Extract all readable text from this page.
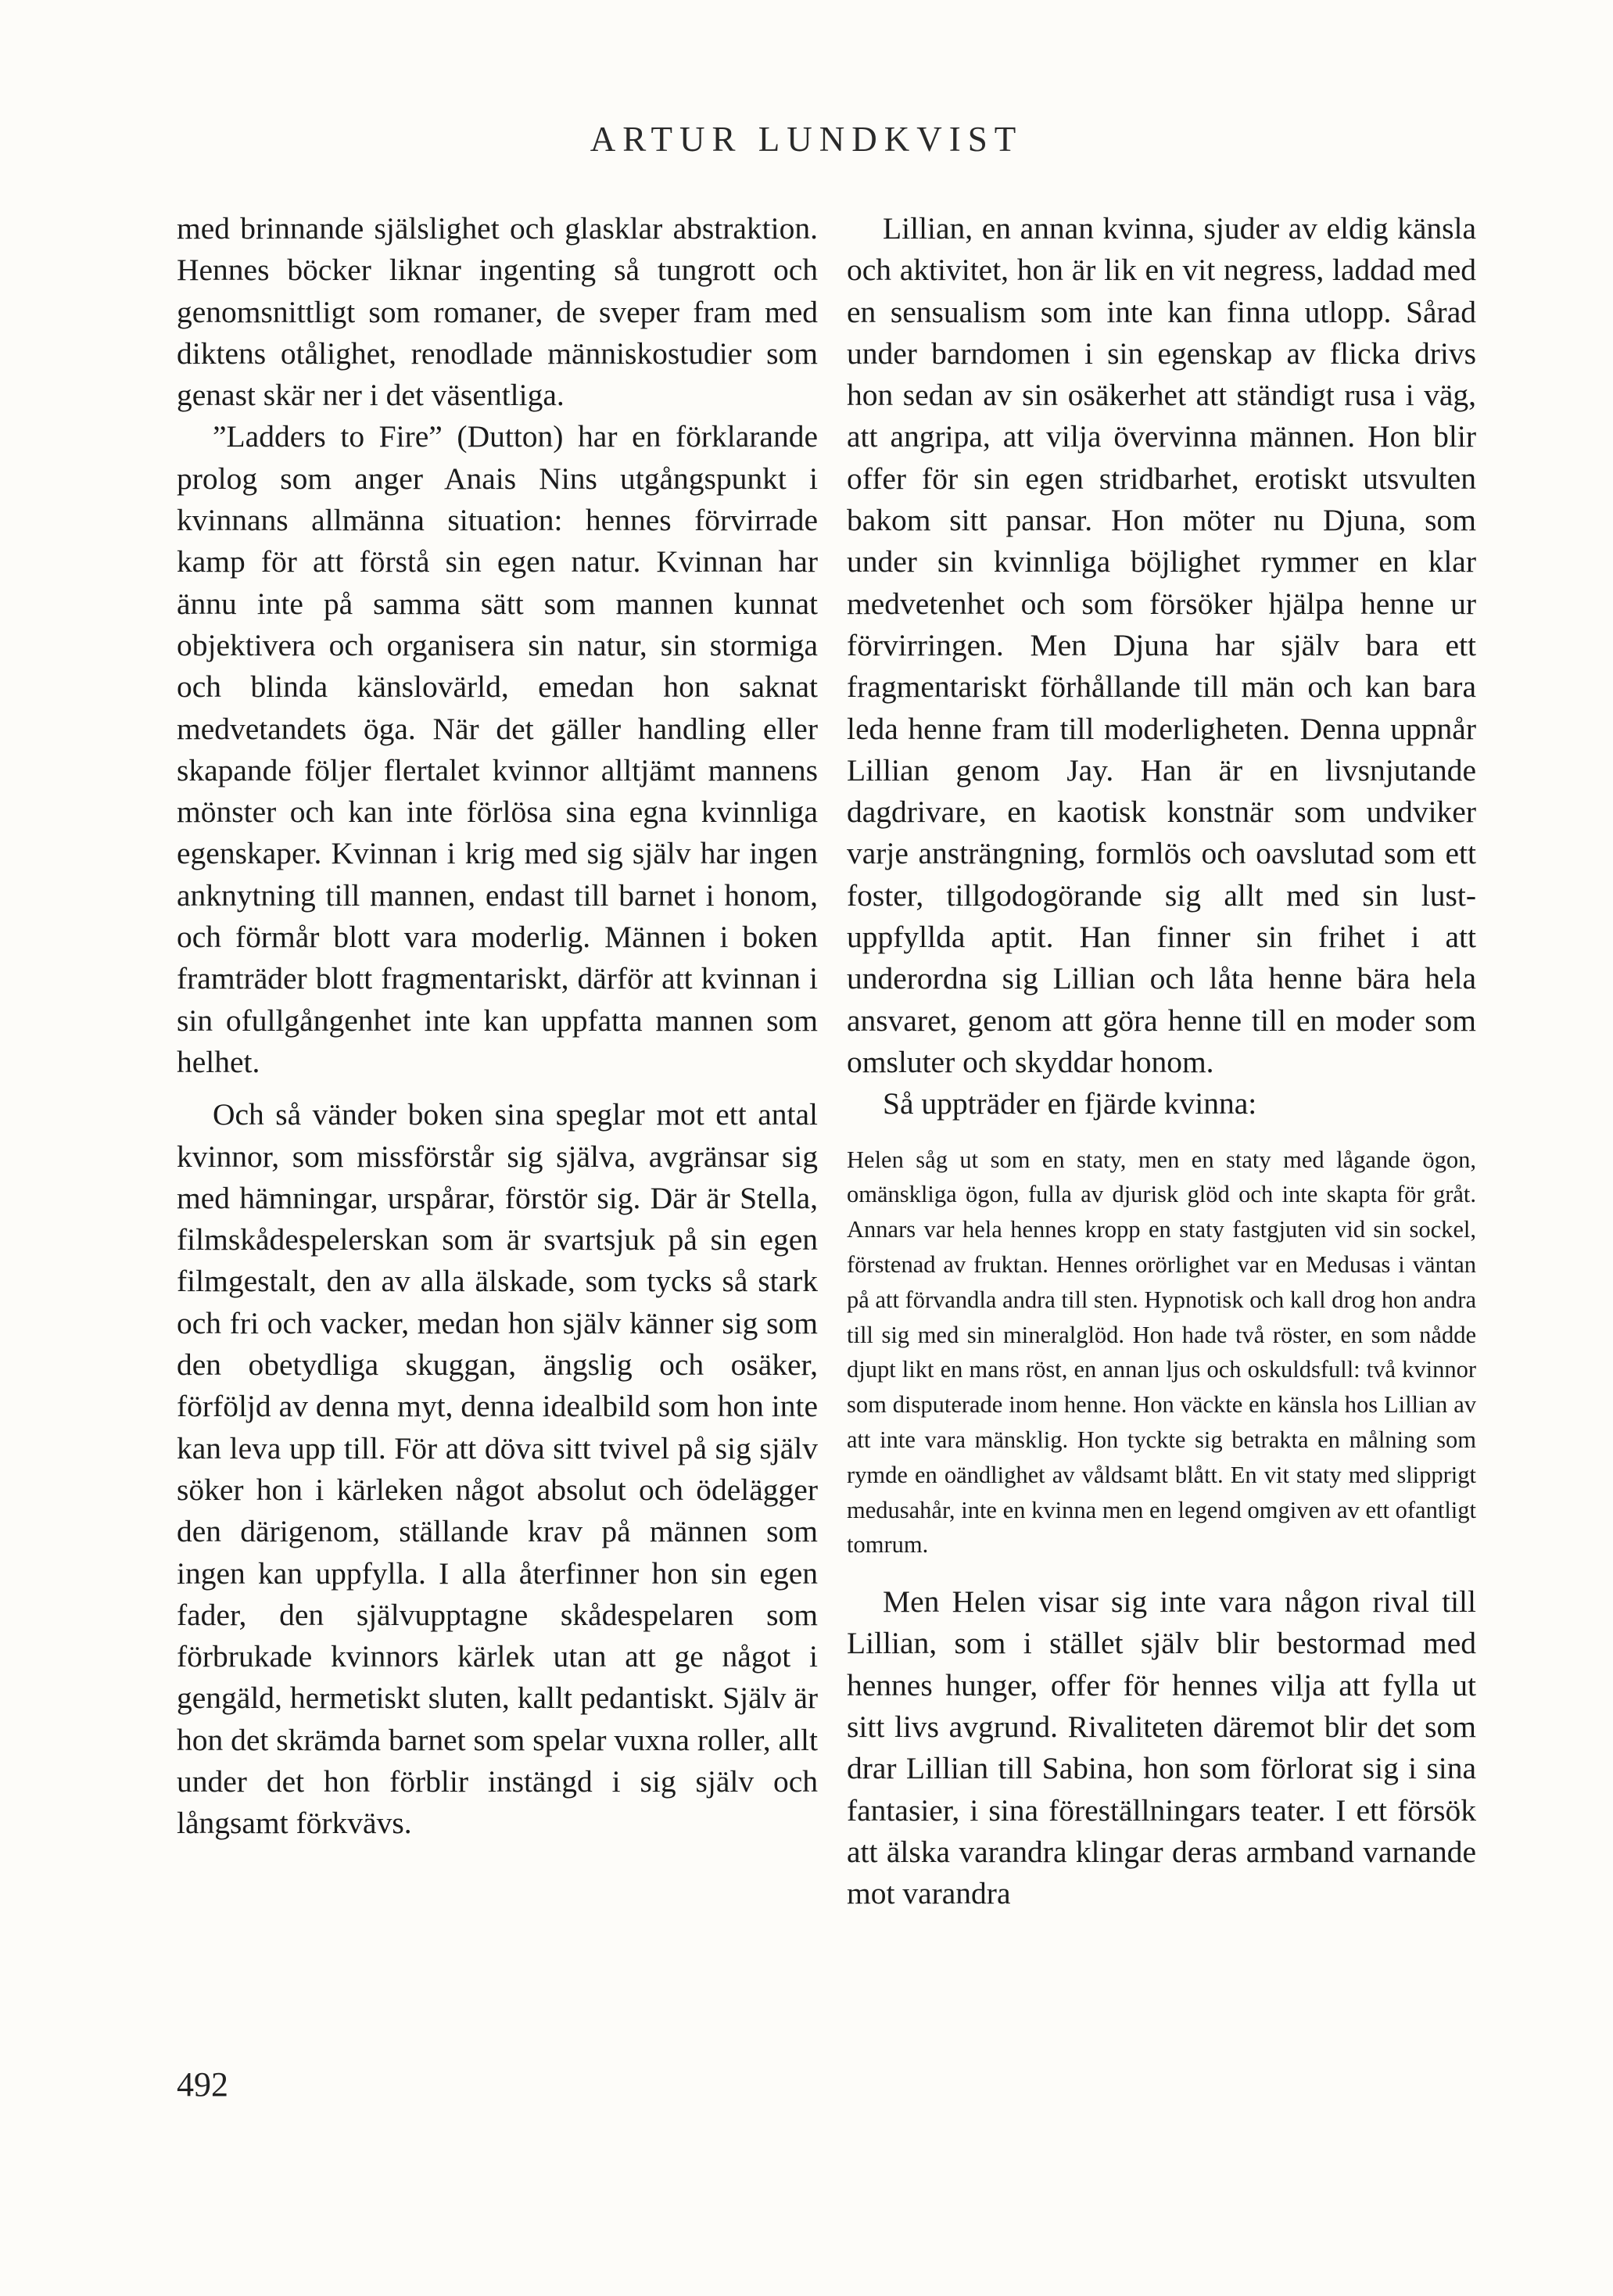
ARTUR LUNDKVIST

med brinnande själslighet och glasklar abstraktion. Hennes böcker liknar ingenting så tungrott och genomsnittligt som romaner, de sveper fram med diktens otålighet, renodlade människostudier som genast skär ner i det väsentliga.

”Ladders to Fire” (Dutton) har en förklarande prolog som anger Anais Nins utgångspunkt i kvinnans allmänna situation: hennes förvirrade kamp för att förstå sin egen natur. Kvinnan har ännu inte på samma sätt som mannen kunnat objektivera och organisera sin natur, sin stormiga och blinda känslovärld, emedan hon saknat medvetandets öga. När det gäller handling eller skapande följer flertalet kvinnor alltjämt mannens mönster och kan inte förlösa sina egna kvinnliga egenskaper. Kvinnan i krig med sig själv har ingen anknytning till mannen, endast till barnet i honom, och förmår blott vara moderlig. Männen i boken framträder blott fragmentariskt, därför att kvinnan i sin ofullgångenhet inte kan uppfatta mannen som helhet.

Och så vänder boken sina speglar mot ett antal kvinnor, som missförstår sig själva, avgränsar sig med hämningar, urspårar, förstör sig. Där är Stella, filmskådespelerskan som är svartsjuk på sin egen filmgestalt, den av alla älskade, som tycks så stark och fri och vacker, medan hon själv känner sig som den obetydliga skuggan, ängslig och osäker, förföljd av denna myt, denna idealbild som hon inte kan leva upp till. För att döva sitt tvivel på sig själv söker hon i kärleken något absolut och ödelägger den därigenom, ställande krav på männen som ingen kan uppfylla. I alla återfinner hon sin egen fader, den självupptagne skådespelaren som förbrukade kvinnors kärlek utan att ge något i gengäld, hermetiskt sluten, kallt pedantiskt. Själv är hon det skrämda barnet som spelar vuxna roller, allt under det hon förblir instängd i sig själv och långsamt förkvävs.

Lillian, en annan kvinna, sjuder av eldig känsla och aktivitet, hon är lik en vit negress, laddad med en sensualism som inte kan finna utlopp. Sårad under barndomen i sin egenskap av flicka drivs hon sedan av sin osäkerhet att ständigt rusa i väg, att angripa, att vilja övervinna männen. Hon blir offer för sin egen stridbarhet, erotiskt utsvulten bakom sitt pansar. Hon möter nu Djuna, som under sin kvinnliga böjlighet rymmer en klar medvetenhet och som försöker hjälpa henne ur förvirringen. Men Djuna har själv bara ett fragmentariskt förhållande till män och kan bara leda henne fram till moderligheten. Denna uppnår Lillian genom Jay. Han är en livsnjutande dagdrivare, en kaotisk konstnär som undviker varje ansträngning, formlös och oavslutad som ett foster, tillgodogörande sig allt med sin lustuppfyllda aptit. Han finner sin frihet i att underordna sig Lillian och låta henne bära hela ansvaret, genom att göra henne till en moder som omsluter och skyddar honom.

Så uppträder en fjärde kvinna:

Helen såg ut som en staty, men en staty med lågande ögon, omänskliga ögon, fulla av djurisk glöd och inte skapta för gråt. Annars var hela hennes kropp en staty fastgjuten vid sin sockel, förstenad av fruktan. Hennes orörlighet var en Medusas i väntan på att förvandla andra till sten. Hypnotisk och kall drog hon andra till sig med sin mineralglöd. Hon hade två röster, en som nådde djupt likt en mans röst, en annan ljus och oskuldsfull: två kvinnor som disputerade inom henne. Hon väckte en känsla hos Lillian av att inte vara mänsklig. Hon tyckte sig betrakta en målning som rymde en oändlighet av våldsamt blått. En vit staty med slipprigt medusahår, inte en kvinna men en legend omgiven av ett ofantligt tomrum.

Men Helen visar sig inte vara någon rival till Lillian, som i stället själv blir bestormad med hennes hunger, offer för hennes vilja att fylla ut sitt livs avgrund. Rivaliteten däremot blir det som drar Lillian till Sabina, hon som förlorat sig i sina fantasier, i sina föreställningars teater. I ett försök att älska varandra klingar deras armband varnande mot varandra

492
